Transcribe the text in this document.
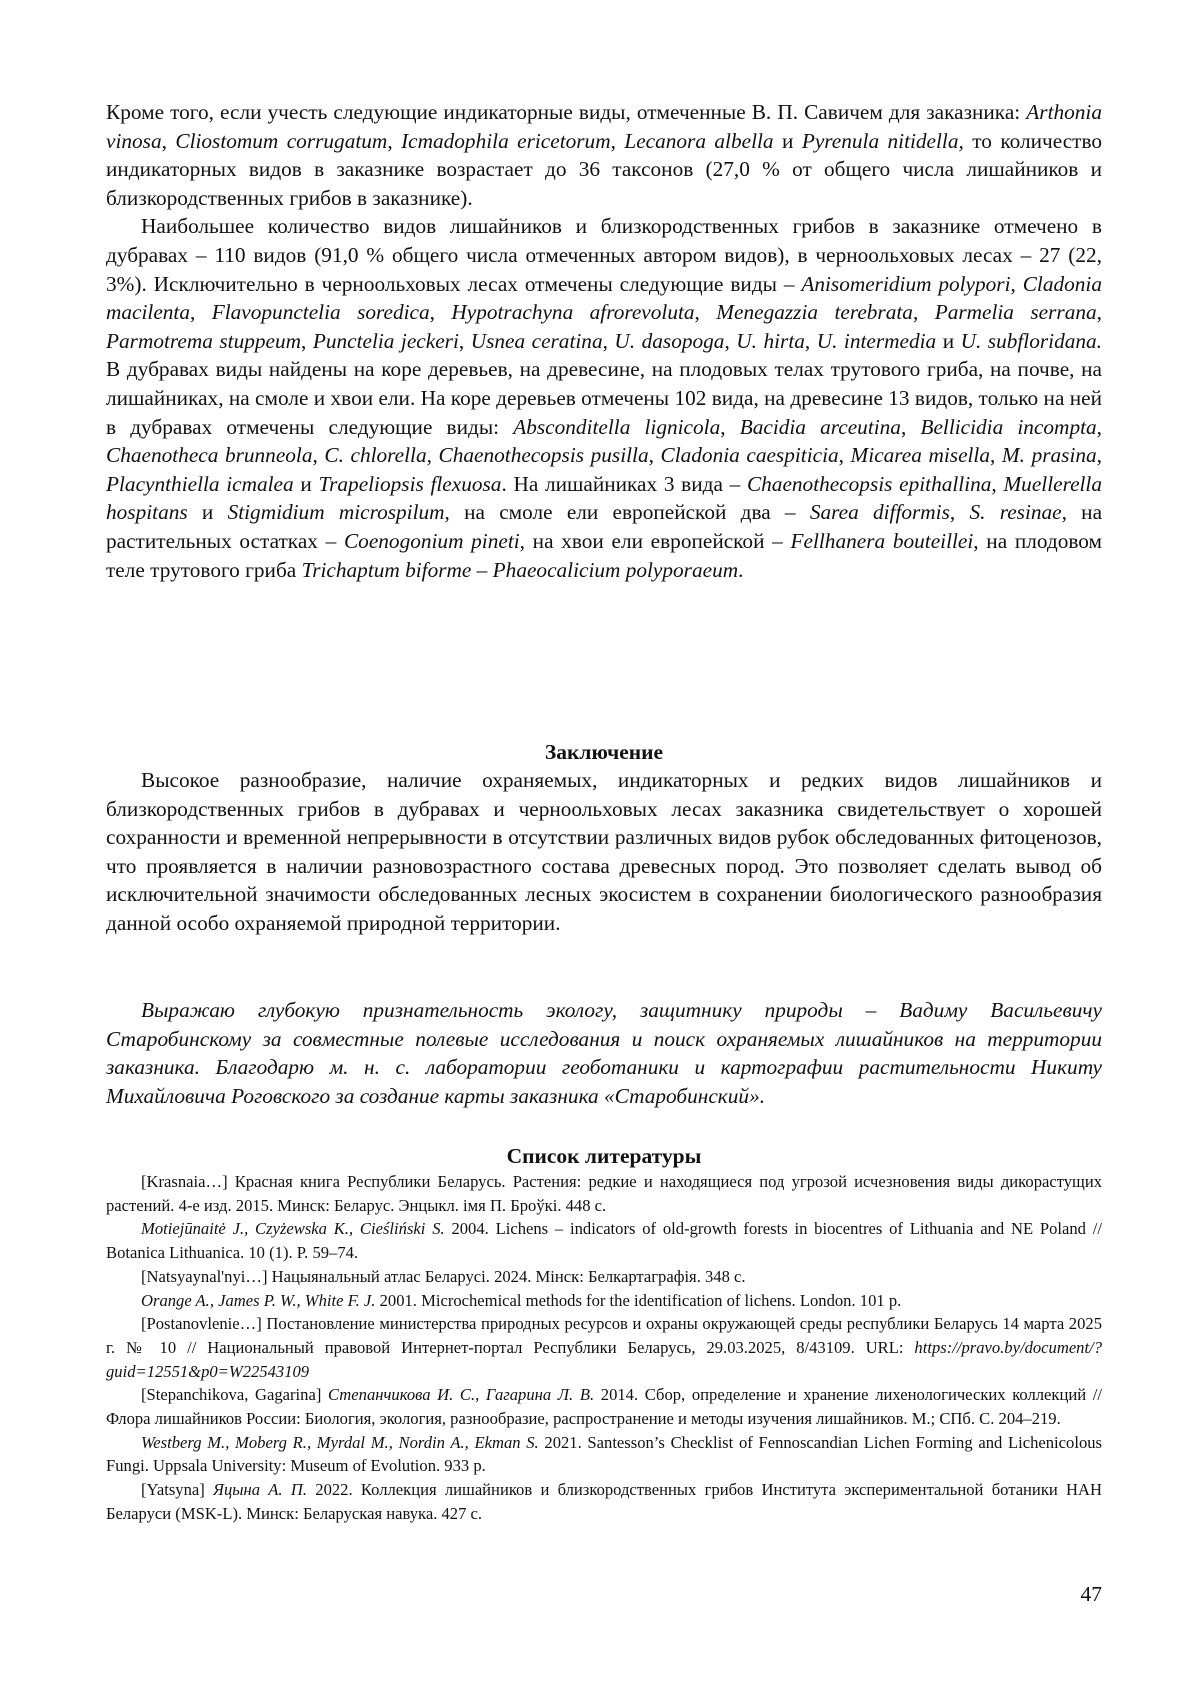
Кроме того, если учесть следующие индикаторные виды, отмеченные В. П. Савичем для заказника: Arthonia vinosa, Cliostomum corrugatum, Icmadophila ericetorum, Lecanora albella и Pyrenula nitidella, то количество индикаторных видов в заказнике возрастает до 36 таксонов (27,0 % от общего числа лишайников и близкородственных грибов в заказнике).

Наибольшее количество видов лишайников и близкородственных грибов в заказнике отмечено в дубравах – 110 видов (91,0 % общего числа отмеченных автором видов), в черноольховых лесах – 27 (22, 3%). Исключительно в черноольховых лесах отмечены следующие виды – Anisomeridium polypori, Cladonia macilenta, Flavopunctelia soredica, Hypotrachyna afrorevoluta, Menegazzia terebrata, Parmelia serrana, Parmotrema stuppeum, Punctelia jeckeri, Usnea ceratina, U. dasopoga, U. hirta, U. intermedia и U. subfloridana. В дубравах виды найдены на коре деревьев, на древесине, на плодовых телах трутового гриба, на почве, на лишайниках, на смоле и хвои ели. На коре деревьев отмечены 102 вида, на древесине 13 видов, только на ней в дубравах отмечены следующие виды: Absconditella lignicola, Bacidia arceutina, Bellicidia incompta, Chaenotheca brunneola, C. chlorella, Chaenothecopsis pusilla, Cladonia caespiticia, Micarea misella, M. prasina, Placynthiella icmalea и Trapeliopsis flexuosa. На лишайниках 3 вида – Chaenothecopsis epithallina, Muellerella hospitans и Stigmidium microspilum, на смоле ели европейской два – Sarea difformis, S. resinae, на растительных остатках – Coenogonium pineti, на хвои ели европейской – Fellhanera bouteillei, на плодовом теле трутового гриба Trichaptum biforme – Phaeocalicium polyporaeum.

Заключение

Высокое разнообразие, наличие охраняемых, индикаторных и редких видов лишайников и близкородственных грибов в дубравах и черноольховых лесах заказника свидетельствует о хорошей сохранности и временной непрерывности в отсутствии различных видов рубок обследованных фитоценозов, что проявляется в наличии разновозрастного состава древесных пород. Это позволяет сделать вывод об исключительной значимости обследованных лесных экосистем в сохранении биологического разнообразия данной особо охраняемой природной территории.

Выражаю глубокую признательность экологу, защитнику природы – Вадиму Васильевичу Старобинскому за совместные полевые исследования и поиск охраняемых лишайников на территории заказника. Благодарю м. н. с. лаборатории геоботаники и картографии растительности Никиту Михайловича Роговского за создание карты заказника «Старобинский».

Список литературы

[Krasnaia…] Красная книга Республики Беларусь. Растения: редкие и находящиеся под угрозой исчезновения виды дикорастущих растений. 4-е изд. 2015. Минск: Беларус. Энцыкл. імя П. Броўкі. 448 с.

Motiejūnaitė J., Czyżewska K., Cieśliński S. 2004. Lichens – indicators of old-growth forests in biocentres of Lithuania and NE Poland // Botanica Lithuanica. 10 (1). P. 59–74.

[Natsyaynal'nyi…] Нацыянальный атлас Беларусі. 2024. Мінск: Белкартаграфія. 348 с.

Orange A., James P. W., White F. J. 2001. Microchemical methods for the identification of lichens. London. 101 p.

[Postanovlenie…] Постановление министерства природных ресурсов и охраны окружающей среды республики Беларусь 14 марта 2025 г. № 10 // Национальный правовой Интернет-портал Республики Беларусь, 29.03.2025, 8/43109. URL: https://pravo.by/document/?guid=12551&p0=W22543109

[Stepanchikova, Gagarina] Степанчикова И. С., Гагарина Л. В. 2014. Сбор, определение и хранение лихенологических коллекций // Флора лишайников России: Биология, экология, разнообразие, распространение и методы изучения лишайников. М.; СПб. С. 204–219.

Westberg M., Moberg R., Myrdal M., Nordin A., Ekman S. 2021. Santesson’s Checklist of Fennoscandian Lichen Forming and Lichenicolous Fungi. Uppsala University: Museum of Evolution. 933 p.

[Yatsyna] Яцына А. П. 2022. Коллекция лишайников и близкородственных грибов Института экспериментальной ботаники НАН Беларуси (MSK-L). Минск: Беларуская навука. 427 с.

47
